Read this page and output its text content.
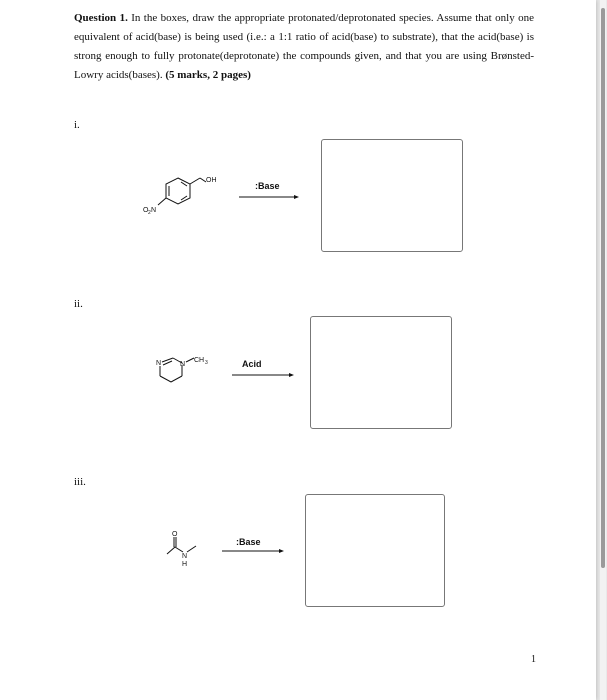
Question 1. In the boxes, draw the appropriate protonated/deprotonated species. Assume that only one equivalent of acid(base) is being used (i.e.: a 1:1 ratio of acid(base) to substrate), that the acid(base) is strong enough to fully protonate(deprotonate) the compounds given, and that you are using Brønsted-Lowry acids(bases). (5 marks, 2 pages)
i.
OH
O 2 N
:Base
ii.
N	N
CH 3	Acid
iii.
O
N
H
:Base
1
